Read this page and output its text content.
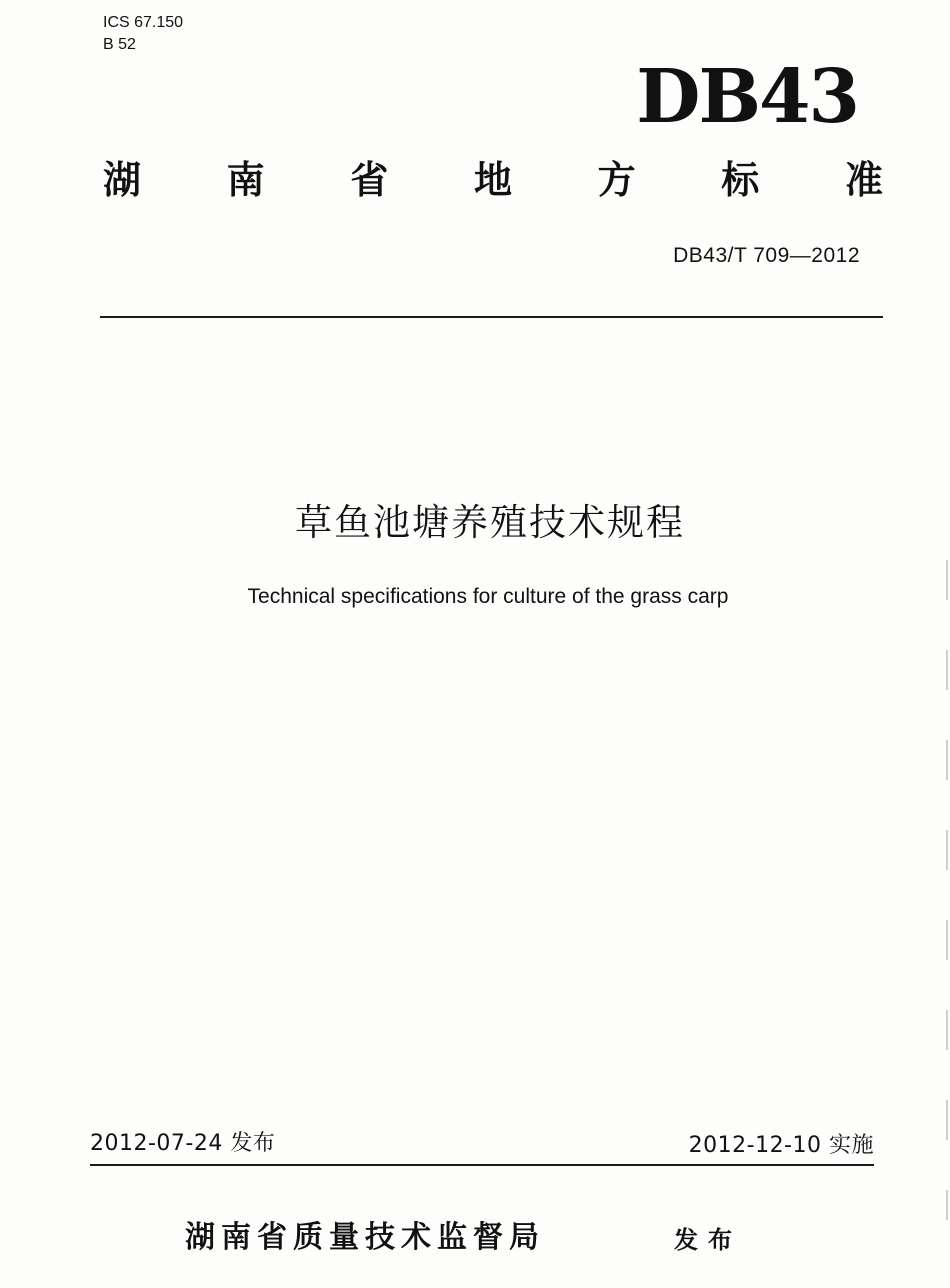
ICS 67.150
B 52
DB43
湖 南 省 地 方 标 准
DB43/T 709—2012
草鱼池塘养殖技术规程
Technical specifications for culture of the grass carp
2012-07-24 发布	2012-12-10 实施
湖南省质量技术监督局	发布
